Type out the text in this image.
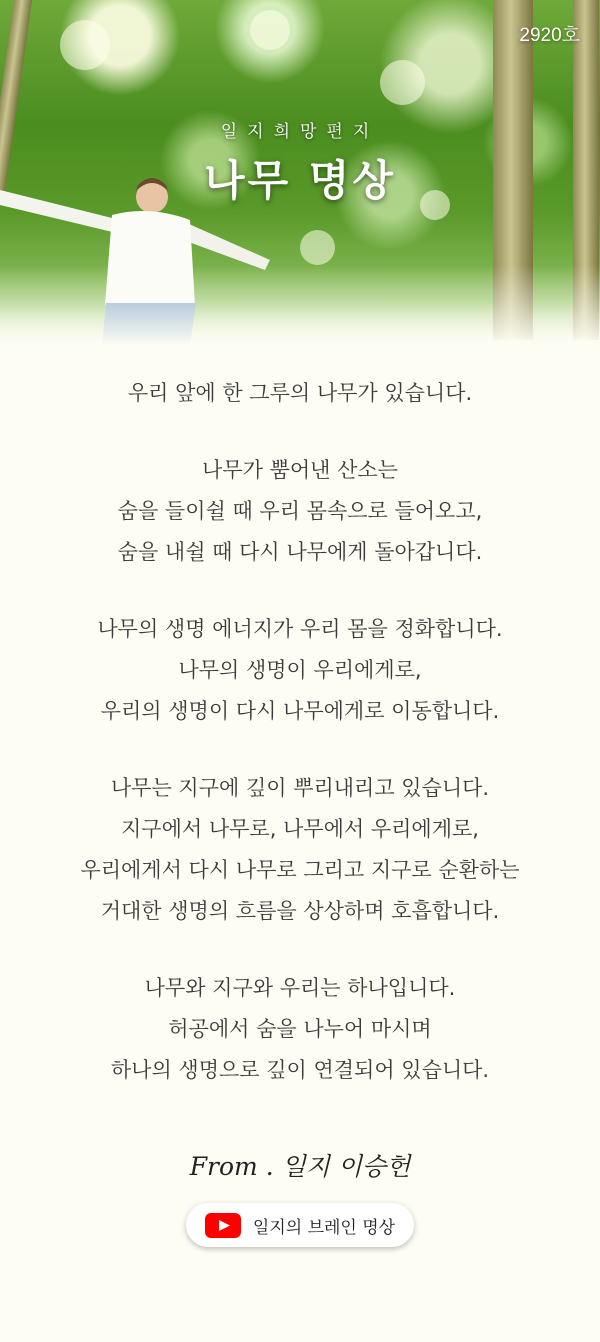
2920호
일지희망편지
나무 명상

우리 앞에 한 그루의 나무가 있습니다.

나무가 뿜어낸 산소는

숨을 들이쉴 때 우리 몸속으로 들어오고,

숨을 내쉴 때 다시 나무에게 돌아갑니다.

나무의 생명 에너지가 우리 몸을 정화합니다.

나무의 생명이 우리에게로,

우리의 생명이 다시 나무에게로 이동합니다.

나무는 지구에 깊이 뿌리내리고 있습니다.

지구에서 나무로, 나무에서 우리에게로,

우리에게서 다시 나무로 그리고 지구로 순환하는

거대한 생명의 흐름을 상상하며 호흡합니다.

나무와 지구와 우리는 하나입니다.

허공에서 숨을 나누어 마시며

하나의 생명으로 깊이 연결되어 있습니다.

From . 일지 이승헌
일지의 브레인 명상
